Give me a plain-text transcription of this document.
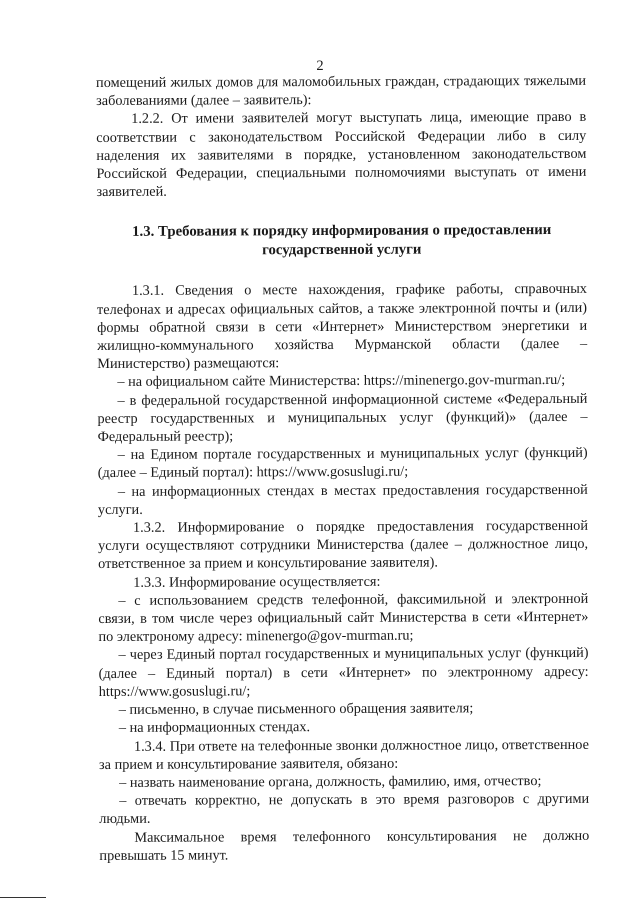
2

помещений жилых домов для маломобильных граждан, страдающих тяжелыми заболеваниями (далее – заявитель):

1.2.2. От имени заявителей могут выступать лица, имеющие право в соответствии с законодательством Российской Федерации либо в силу наделения их заявителями в порядке, установленном законодательством Российской Федерации, специальными полномочиями выступать от имени заявителей.

1.3. Требования к порядку информирования о предоставлении государственной услуги

1.3.1. Сведения о месте нахождения, графике работы, справочных телефонах и адресах официальных сайтов, а также электронной почты и (или) формы обратной связи в сети «Интернет» Министерством энергетики и жилищно-коммунального хозяйства Мурманской области (далее – Министерство) размещаются:

– на официальном сайте Министерства: https://minenergo.gov-murman.ru/;

– в федеральной государственной информационной системе «Федеральный реестр государственных и муниципальных услуг (функций)» (далее – Федеральный реестр);

– на Едином портале государственных и муниципальных услуг (функций) (далее – Единый портал): https://www.gosuslugi.ru/;

– на информационных стендах в местах предоставления государственной услуги.

1.3.2. Информирование о порядке предоставления государственной услуги осуществляют сотрудники Министерства (далее – должностное лицо, ответственное за прием и консультирование заявителя).

1.3.3. Информирование осуществляется:

– с использованием средств телефонной, факсимильной и электронной связи, в том числе через официальный сайт Министерства в сети «Интернет» по электроному адресу: minenergo@gov-murman.ru;

– через Единый портал государственных и муниципальных услуг (функций) (далее – Единый портал) в сети «Интернет» по электронному адресу: https://www.gosuslugi.ru/;

– письменно, в случае письменного обращения заявителя;

– на информационных стендах.

1.3.4. При ответе на телефонные звонки должностное лицо, ответственное за прием и консультирование заявителя, обязано:

– назвать наименование органа, должность, фамилию, имя, отчество;

– отвечать корректно, не допускать в это время разговоров с другими людьми.

Максимальное время телефонного консультирования не должно превышать 15 минут.
